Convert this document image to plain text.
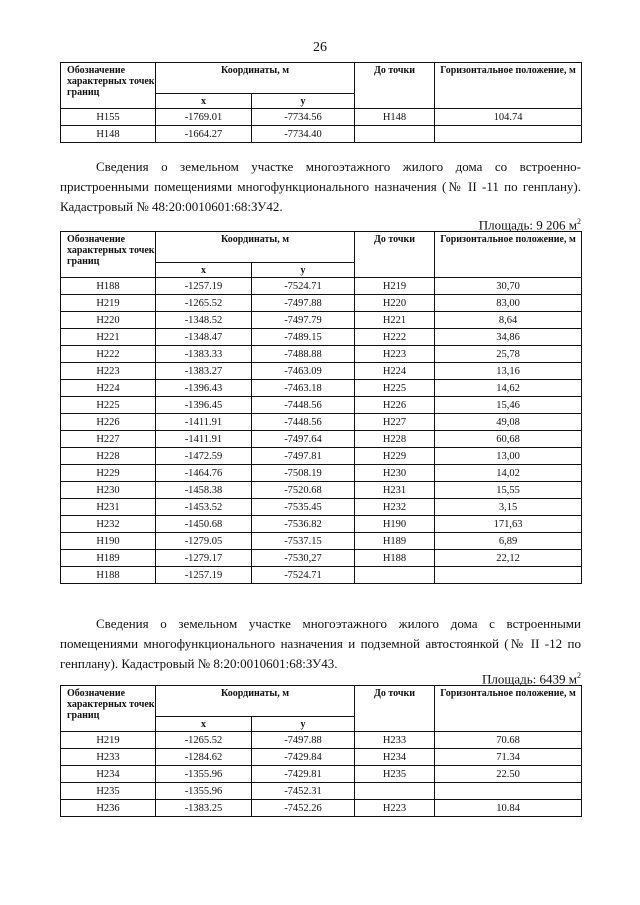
26
Обозначение характерных точек границ	Координаты, м		До точки	Горизонтальное положение, м
	х	у		
Н155	-1769.01	-7734.56	Н148	104.74
Н148	-1664.27	-7734.40		

Сведения о земельном участке многоэтажного жилого дома со встроенно-пристроенными помещениями многофункционального назначения (№ II -11 по генплану). Кадастровый № 48:20:0010601:68:ЗУ42.

Площадь: 9 206 $м^2$
Обозначение характерных точек границ	Координаты, м		До точки	Горизонтальное положение, м
	х	у		
Н188	-1257.19	-7524.71	Н219	30,70
Н219	-1265.52	-7497.88	Н220	83,00
Н220	-1348.52	-7497.79	Н221	8,64
Н221	-1348.47	-7489.15	Н222	34,86
Н222	-1383.33	-7488.88	Н223	25,78
Н223	-1383.27	-7463.09	Н224	13,16
Н224	-1396.43	-7463.18	Н225	14,62
Н225	-1396.45	-7448.56	Н226	15,46
Н226	-1411.91	-7448.56	Н227	49,08
Н227	-1411.91	-7497.64	Н228	60,68
Н228	-1472.59	-7497.81	Н229	13,00
Н229	-1464.76	-7508.19	Н230	14,02
Н230	-1458.38	-7520.68	Н231	15,55
Н231	-1453.52	-7535.45	Н232	3,15
Н232	-1450.68	-7536.82	Н190	171,63
Н190	-1279.05	-7537.15	Н189	6,89
Н189	-1279.17	-7530,27	Н188	22,12
Н188	-1257.19	-7524.71		

Сведения о земельном участке многоэтажного жилого дома с встроенными помещениями многофункционального назначения и подземной автостоянкой (№ II -12 по генплану). Кадастровый № 8:20:0010601:68:ЗУ43.

Площадь: 6439 $м^2$
Обозначение характерных точек границ	Координаты, м		До точки	Горизонтальное положение, м
	х	у		
Н219	-1265.52	-7497.88	Н233	70.68
Н233	-1284.62	-7429.84	Н234	71.34
Н234	-1355.96	-7429.81	Н235	22.50
Н235	-1355.96	-7452.31		
Н236	-1383.25	-7452.26	Н223	10.84
